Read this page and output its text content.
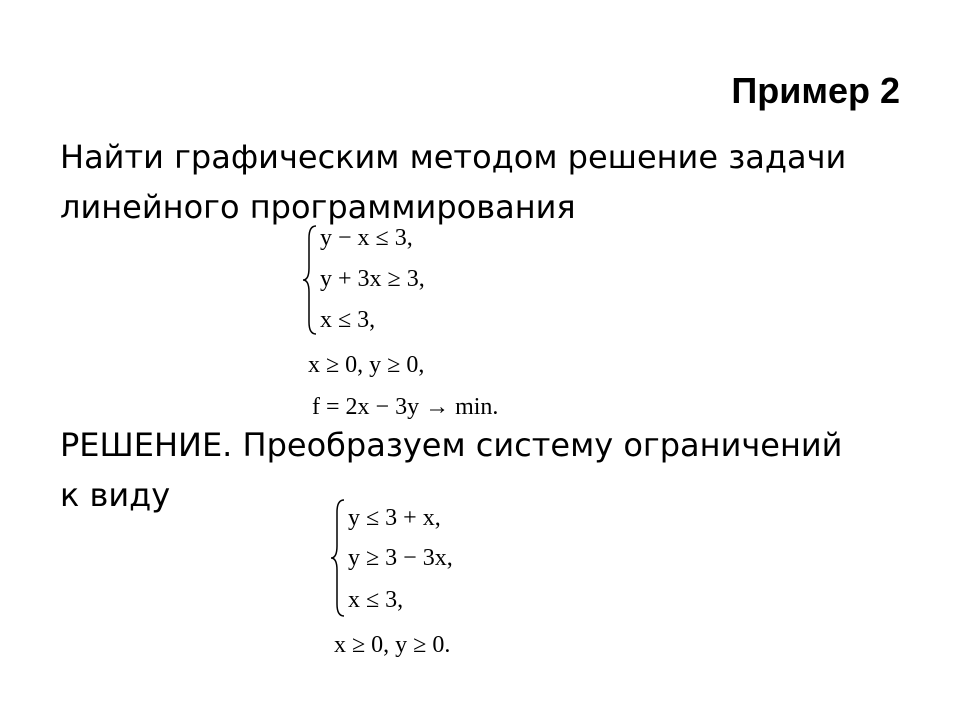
Пример 2
Найти графическим методом решение задачи
линейного программирования
y − x ≤ 3,
y + 3x ≥ 3,
x ≤ 3,
x ≥ 0, y ≥ 0,
f = 2x − 3y → min.
РЕШЕНИЕ. Преобразуем систему ограничений
к виду
y ≤ 3 + x,
y ≥ 3 − 3x,
x ≤ 3,
x ≥ 0, y ≥ 0.
